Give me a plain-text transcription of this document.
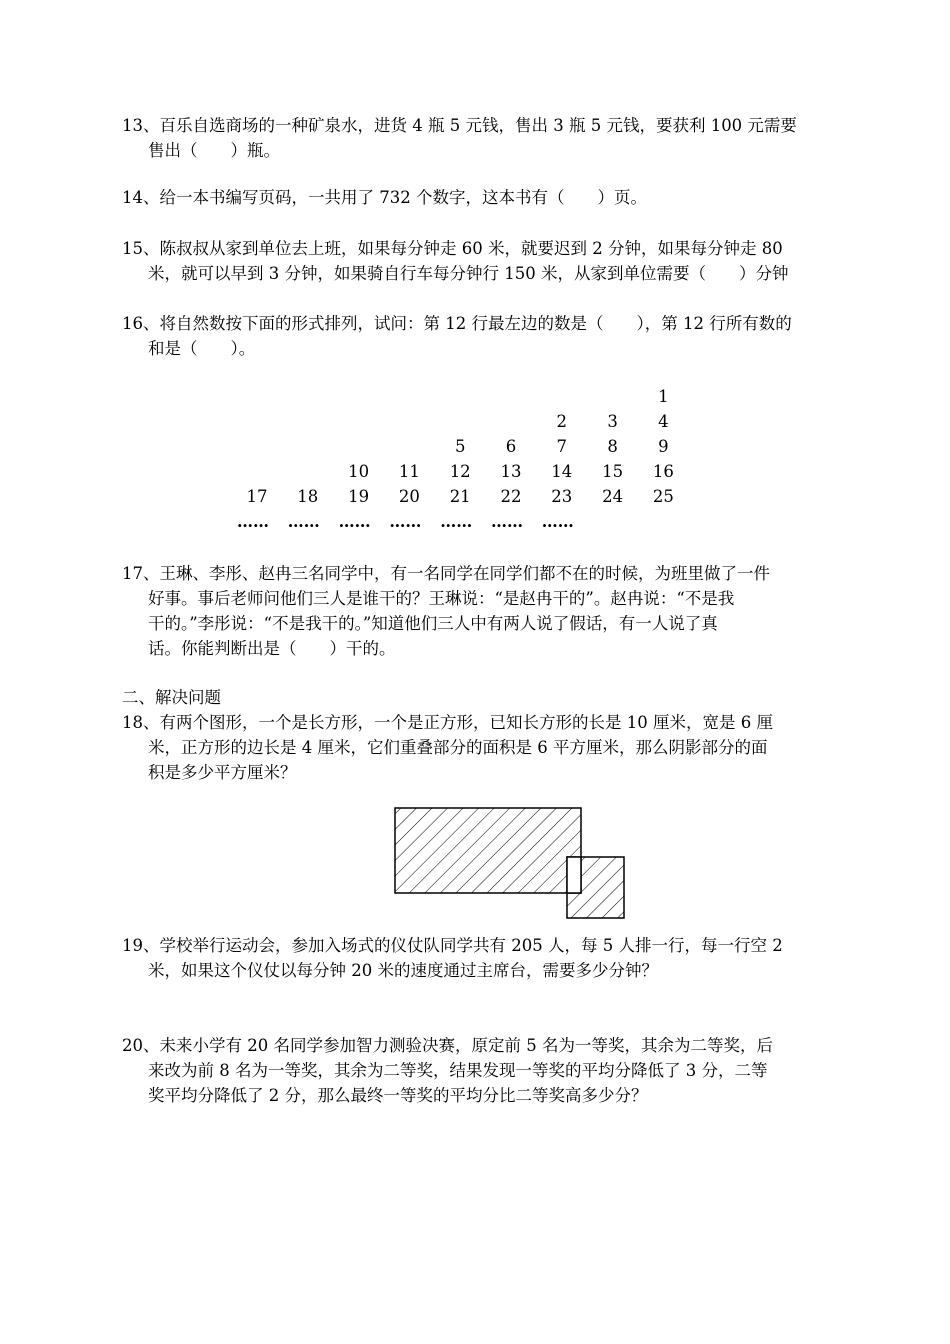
13、百乐自选商场的一种矿泉水，进货 4 瓶 5 元钱，售出 3 瓶 5 元钱，要获利 100 元需要
售出（　　）瓶。
14、给一本书编写页码，一共用了 732 个数字，这本书有（　　）页。
15、陈叔叔从家到单位去上班，如果每分钟走 60 米，就要迟到 2 分钟，如果每分钟走 80
米，就可以早到 3 分钟，如果骑自行车每分钟行 150 米，从家到单位需要（　　）分钟
16、将自然数按下面的形式排列，试问：第 12 行最左边的数是（　　），第 12 行所有数的
和是（　　）。
1
2	3	4
5	6	7	8	9
10	11	12	13	14	15	16
17	18	19	20	21	22	23	24	25
…… …… …… …… …… …… ……
17、王琳、李彤、赵冉三名同学中，有一名同学在同学们都不在的时候，为班里做了一件
好事。事后老师问他们三人是谁干的？王琳说：“是赵冉干的”。赵冉说：“不是我
干的。”李彤说：“不是我干的。”知道他们三人中有两人说了假话，有一人说了真
话。你能判断出是（　　）干的。
二、解决问题
18、有两个图形，一个是长方形，一个是正方形，已知长方形的长是 10 厘米，宽是 6 厘
米，正方形的边长是 4 厘米，它们重叠部分的面积是 6 平方厘米，那么阴影部分的面
积是多少平方厘米？
19、学校举行运动会，参加入场式的仪仗队同学共有 205 人，每 5 人排一行，每一行空 2
米，如果这个仪仗以每分钟 20 米的速度通过主席台，需要多少分钟？
20、未来小学有 20 名同学参加智力测验决赛，原定前 5 名为一等奖，其余为二等奖，后
来改为前 8 名为一等奖，其余为二等奖，结果发现一等奖的平均分降低了 3 分，二等
奖平均分降低了 2 分，那么最终一等奖的平均分比二等奖高多少分？
